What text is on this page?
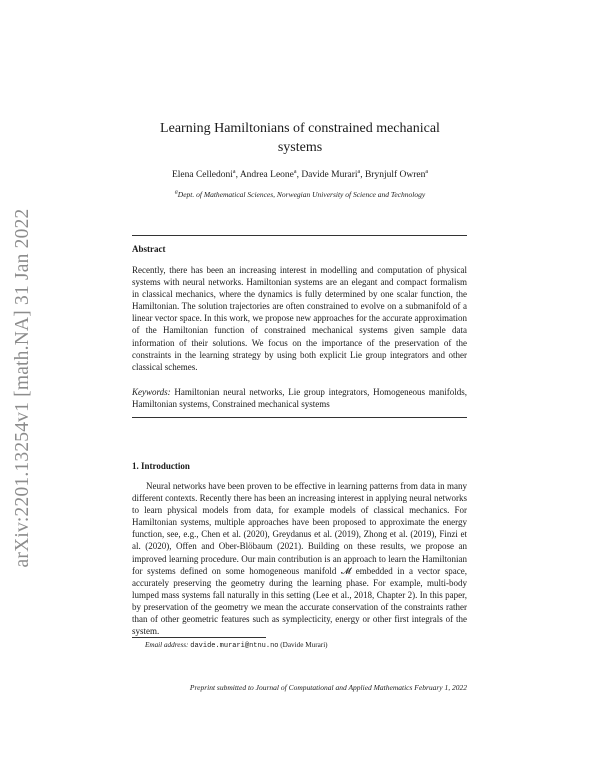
arXiv:2201.13254v1 [math.NA] 31 Jan 2022
Learning Hamiltonians of constrained mechanical
systems
Elena Celledoni$^a$, Andrea Leone$^a$, Davide Murari$^a$, Brynjulf Owren$^a$
$^a$Dept. of Mathematical Sciences, Norwegian University of Science and Technology
Abstract
Recently, there has been an increasing interest in modelling and computation of physical systems with neural networks. Hamiltonian systems are an elegant and compact formalism in classical mechanics, where the dynamics is fully determined by one scalar function, the Hamiltonian. The solution trajectories are often constrained to evolve on a submanifold of a linear vector space. In this work, we propose new approaches for the accurate approximation of the Hamiltonian function of constrained mechanical systems given sample data information of their solutions. We focus on the importance of the preservation of the constraints in the learning strategy by using both explicit Lie group integrators and other classical schemes.
Keywords: Hamiltonian neural networks, Lie group integrators, Homogeneous manifolds, Hamiltonian systems, Constrained mechanical systems
1. Introduction
Neural networks have been proven to be effective in learning patterns from data in many different contexts. Recently there has been an increasing interest in applying neural networks to learn physical models from data, for example models of classical mechanics. For Hamiltonian systems, multiple approaches have been proposed to approximate the energy function, see, e.g., Chen et al. (2020), Greydanus et al. (2019), Zhong et al. (2019), Finzi et al. (2020), Offen and Ober-Blöbaum (2021). Building on these results, we propose an improved learning procedure. Our main contribution is an approach to learn the Hamiltonian for systems defined on some homogeneous manifold 𝓜 embedded in a vector space, accurately preserving the geometry during the learning phase. For example, multi-body lumped mass systems fall naturally in this setting (Lee et al., 2018, Chapter 2). In this paper, by preservation of the geometry we mean the accurate conservation of the constraints rather than of other geometric features such as symplecticity, energy or other first integrals of the system.
Email address: davide.murari@ntnu.no (Davide Murari)
Preprint submitted to Journal of Computational and Applied Mathematics February 1, 2022
